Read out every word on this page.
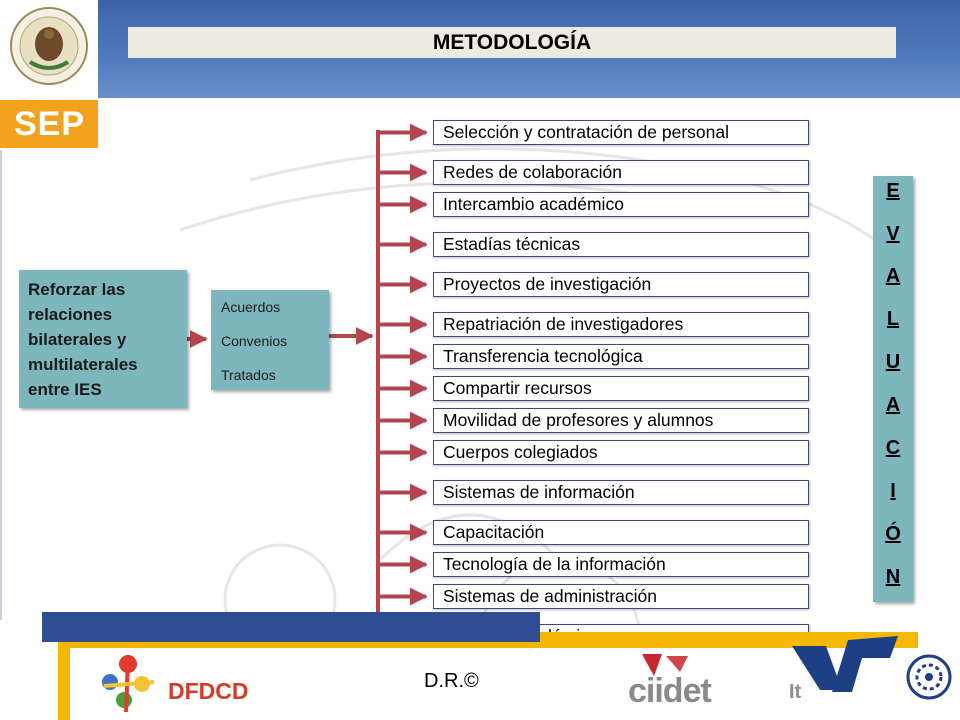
SEP
METODOLOGÍA
Reforzar las relaciones bilaterales y multilaterales entre IES
Acuerdos
Convenios
Tratados
Selección y contratación de personal
Redes de colaboración
Intercambio académico
Estadías técnicas
Proyectos de investigación
Repatriación de investigadores
Transferencia tecnológica
Compartir recursos
Movilidad de profesores y alumnos
Cuerpos colegiados
Sistemas de información
Capacitación
Tecnología de la información
Sistemas de administración
E
V
A
L
U
A
C
I
Ó
N
DFDCD	D.R.©	ciidet	It
